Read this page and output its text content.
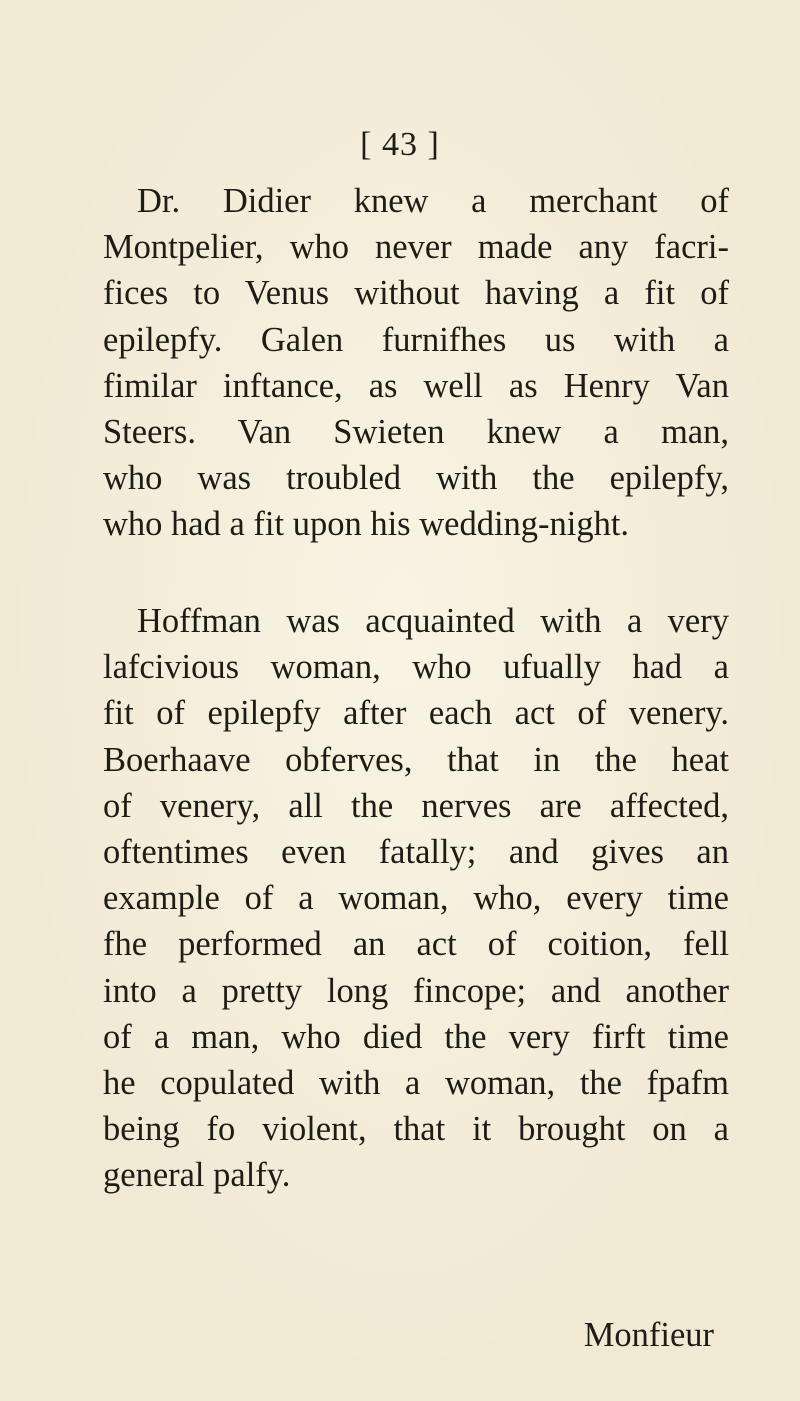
[ 43 ]

Dr. Didier knew a merchant of
Montpelier, who never made any facri-
fices to Venus without having a fit of
epilepfy. Galen furnifhes us with a
fimilar inftance, as well as Henry Van
Steers. Van Swieten knew a man,
who was troubled with the epilepfy,
who had a fit upon his wedding-night.
Hoffman was acquainted with a very
lafcivious woman, who ufually had a
fit of epilepfy after each act of venery.
Boerhaave obferves, that in the heat
of venery, all the nerves are affected,
oftentimes even fatally; and gives an
example of a woman, who, every time
fhe performed an act of coition, fell
into a pretty long fincope; and another
of a man, who died the very firft time
he copulated with a woman, the fpafm
being fo violent, that it brought on a
general palfy.

Monfieur
